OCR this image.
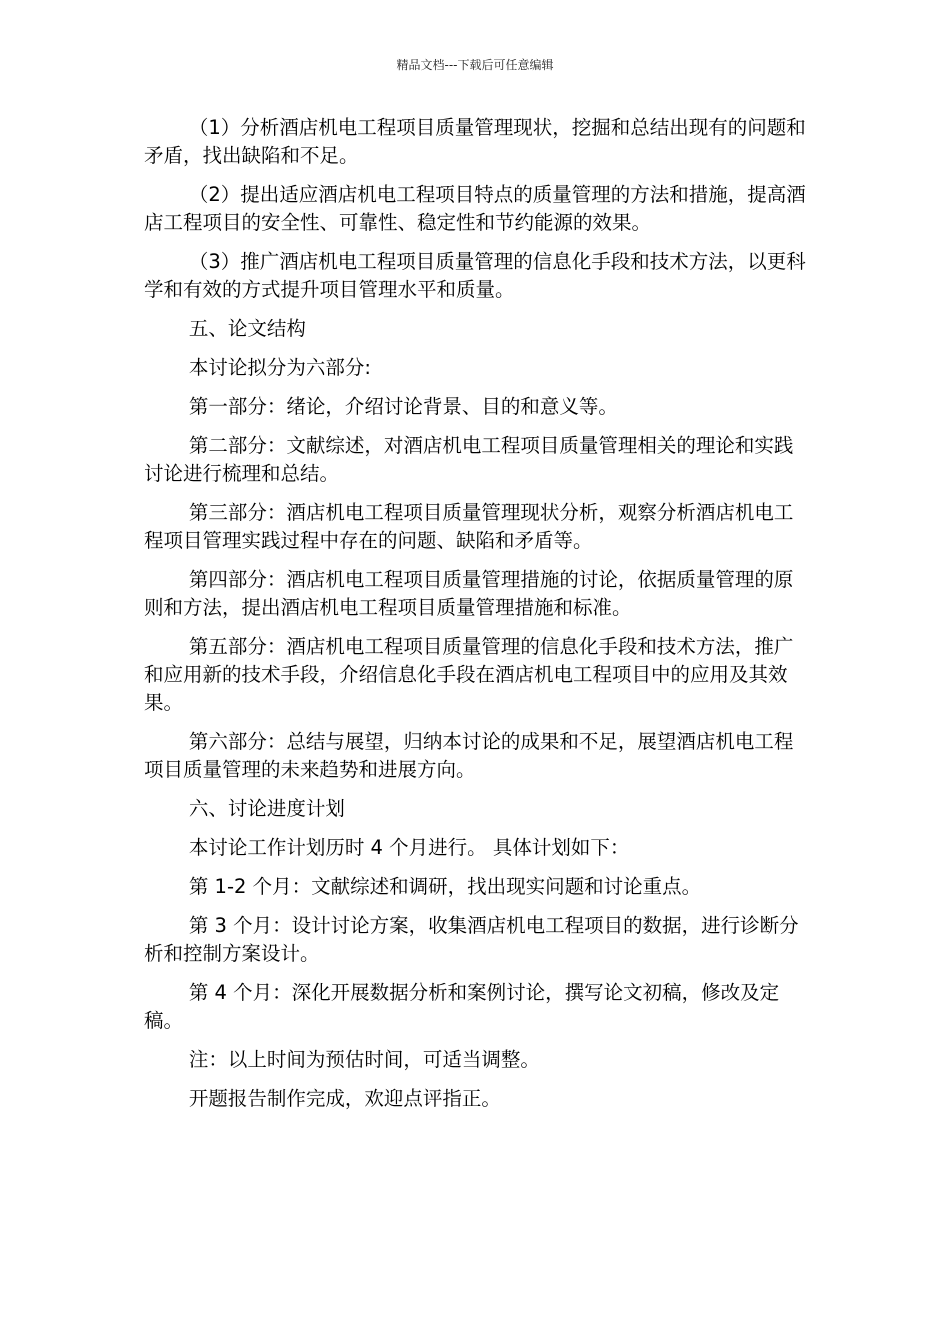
精品文档---下载后可任意编辑

（1）分析酒店机电工程项目质量管理现状，挖掘和总结出现有的问题和矛盾，找出缺陷和不足。

（2）提出适应酒店机电工程项目特点的质量管理的方法和措施，提高酒店工程项目的安全性、可靠性、稳定性和节约能源的效果。

（3）推广酒店机电工程项目质量管理的信息化手段和技术方法，以更科学和有效的方式提升项目管理水平和质量。

五、论文结构

本讨论拟分为六部分:

第一部分：绪论，介绍讨论背景、目的和意义等。

第二部分：文献综述，对酒店机电工程项目质量管理相关的理论和实践讨论进行梳理和总结。

第三部分：酒店机电工程项目质量管理现状分析，观察分析酒店机电工程项目管理实践过程中存在的问题、缺陷和矛盾等。

第四部分：酒店机电工程项目质量管理措施的讨论，依据质量管理的原则和方法，提出酒店机电工程项目质量管理措施和标准。

第五部分：酒店机电工程项目质量管理的信息化手段和技术方法，推广和应用新的技术手段，介绍信息化手段在酒店机电工程项目中的应用及其效果。

第六部分：总结与展望，归纳本讨论的成果和不足，展望酒店机电工程项目质量管理的未来趋势和进展方向。

六、讨论进度计划

本讨论工作计划历时 4 个月进行。 具体计划如下：

第 1-2 个月：文献综述和调研，找出现实问题和讨论重点。

第 3 个月：设计讨论方案，收集酒店机电工程项目的数据，进行诊断分析和控制方案设计。

第 4 个月：深化开展数据分析和案例讨论，撰写论文初稿，修改及定稿。

注：以上时间为预估时间，可适当调整。

开题报告制作完成，欢迎点评指正。
